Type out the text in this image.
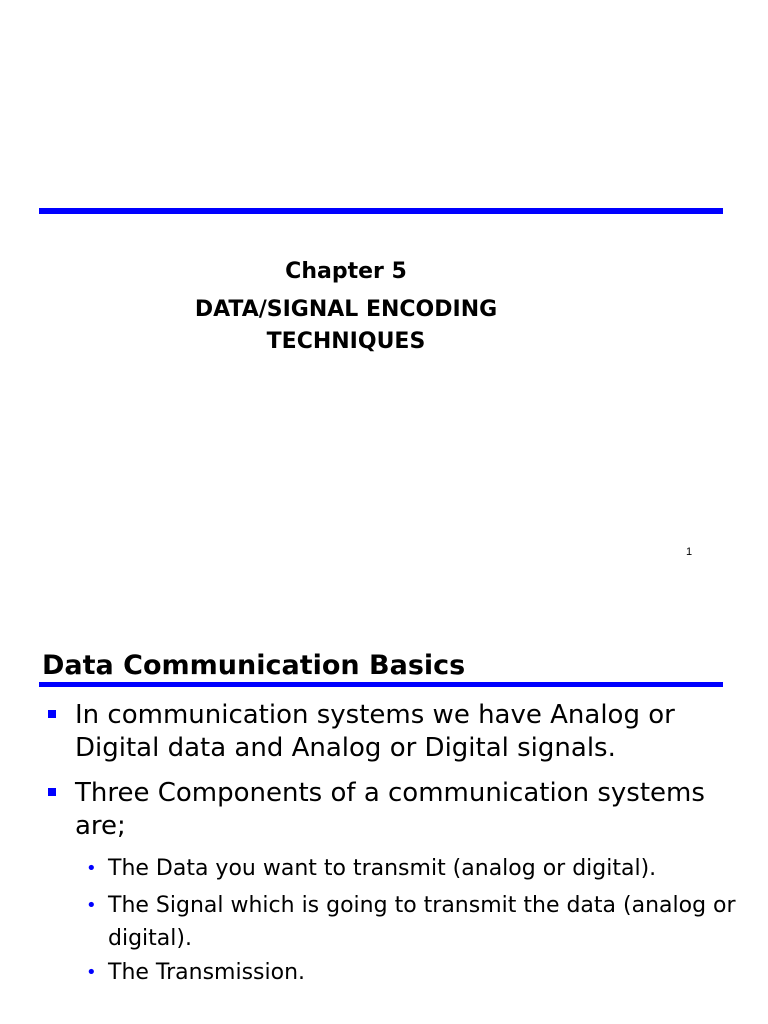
Chapter 5
DATA/SIGNAL ENCODING
TECHNIQUES
1
Data Communication Basics
In communication systems we have Analog or Digital data and Analog or Digital signals.
Three Components of a communication systems are;
• The Data you want to transmit (analog or digital).
• The Signal which is going to transmit the data (analog or digital).
• The Transmission.
